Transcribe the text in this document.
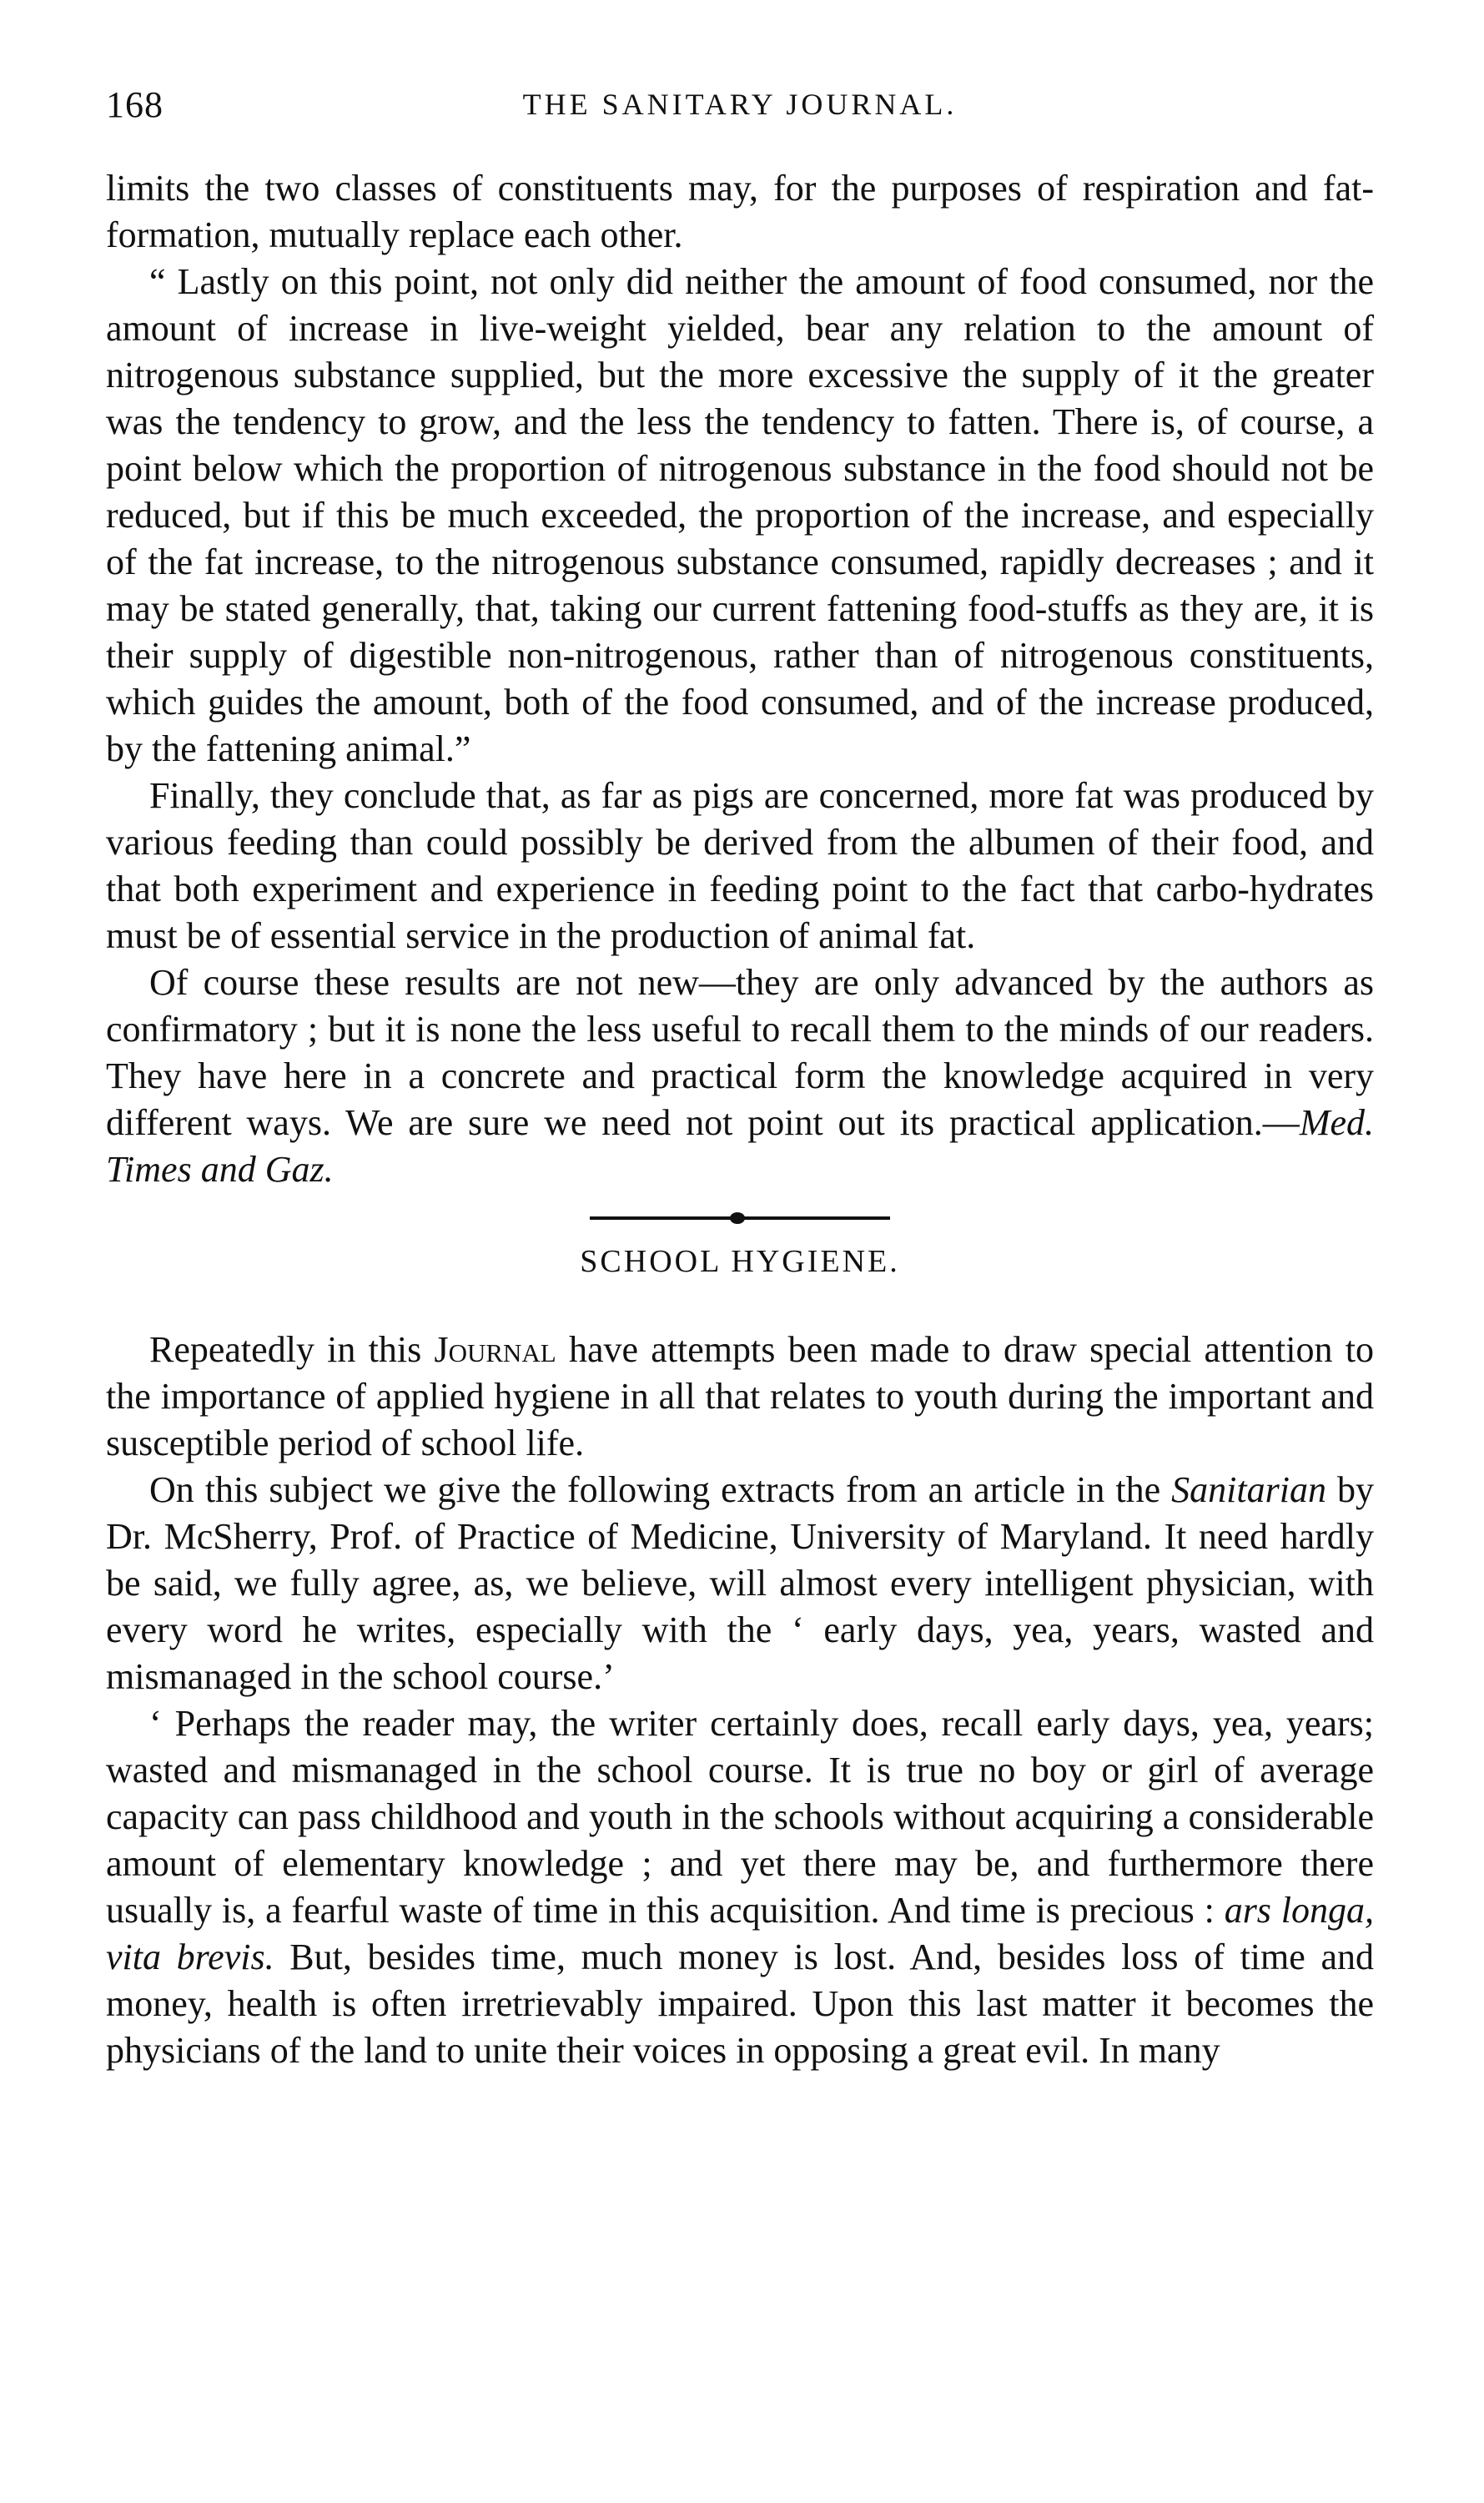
168	THE SANITARY JOURNAL.

limits the two classes of constituents may, for the purposes of respiration and fat-formation, mutually replace each other.

“ Lastly on this point, not only did neither the amount of food consumed, nor the amount of increase in live-weight yielded, bear any relation to the amount of nitrogenous substance supplied, but the more excessive the supply of it the greater was the tendency to grow, and the less the tendency to fatten. There is, of course, a point below which the proportion of nitrogenous substance in the food should not be reduced, but if this be much exceeded, the proportion of the increase, and especially of the fat increase, to the nitrogenous substance consumed, rapidly decreases ; and it may be stated generally, that, taking our current fattening food-stuffs as they are, it is their supply of digestible non-nitrogenous, rather than of nitrogenous constituents, which guides the amount, both of the food consumed, and of the increase produced, by the fattening animal.”

Finally, they conclude that, as far as pigs are concerned, more fat was produced by various feeding than could possibly be derived from the albumen of their food, and that both experiment and experience in feeding point to the fact that carbo-hydrates must be of essential service in the production of animal fat.

Of course these results are not new—they are only advanced by the authors as confirmatory ; but it is none the less useful to recall them to the minds of our readers. They have here in a concrete and practical form the knowledge acquired in very different ways. We are sure we need not point out its practical application.—Med. Times and Gaz.

SCHOOL HYGIENE.

Repeatedly in this Journal have attempts been made to draw special attention to the importance of applied hygiene in all that relates to youth during the important and susceptible period of school life.

On this subject we give the following extracts from an article in the Sanitarian by Dr. McSherry, Prof. of Practice of Medicine, University of Maryland. It need hardly be said, we fully agree, as, we believe, will almost every intelligent physician, with every word he writes, especially with the ‘ early days, yea, years, wasted and mismanaged in the school course.’

‘ Perhaps the reader may, the writer certainly does, recall early days, yea, years; wasted and mismanaged in the school course. It is true no boy or girl of average capacity can pass childhood and youth in the schools without acquiring a considerable amount of elementary knowledge ; and yet there may be, and furthermore there usually is, a fearful waste of time in this acquisition. And time is precious : ars longa, vita brevis. But, besides time, much money is lost. And, besides loss of time and money, health is often irretrievably impaired. Upon this last matter it becomes the physicians of the land to unite their voices in opposing a great evil. In many
